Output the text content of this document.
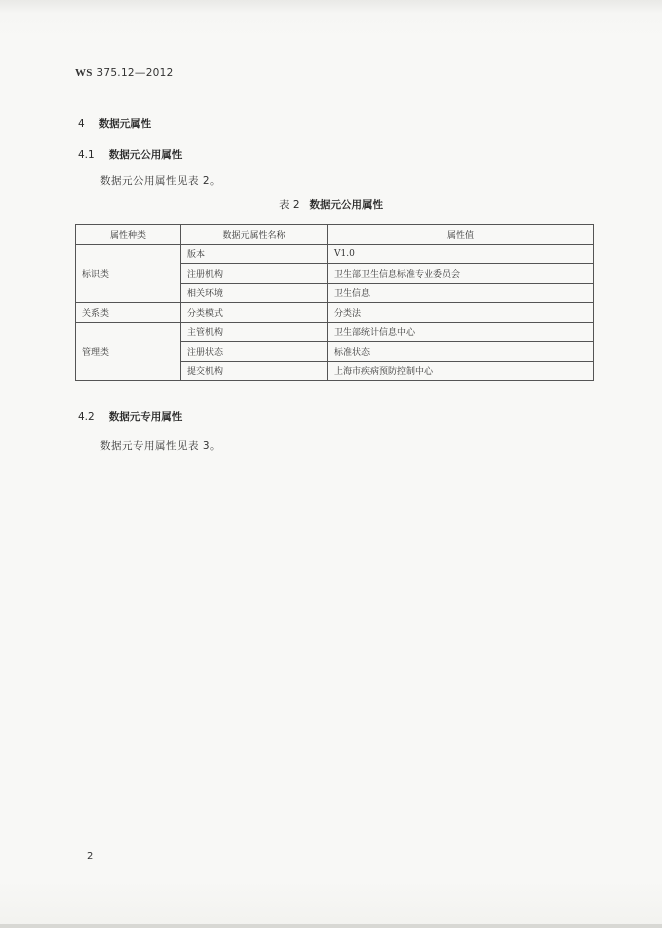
WS 375.12—2012
4 数据元属性
4.1 数据元公用属性
数据元公用属性见表 2。
表 2 数据元公用属性
属性种类	数据元属性名称	属性值
标识类	版本	V1.0
	注册机构	卫生部卫生信息标准专业委员会
	相关环境	卫生信息
关系类	分类模式	分类法
管理类	主管机构	卫生部统计信息中心
	注册状态	标准状态
	提交机构	上海市疾病预防控制中心
4.2 数据元专用属性
数据元专用属性见表 3。
2
